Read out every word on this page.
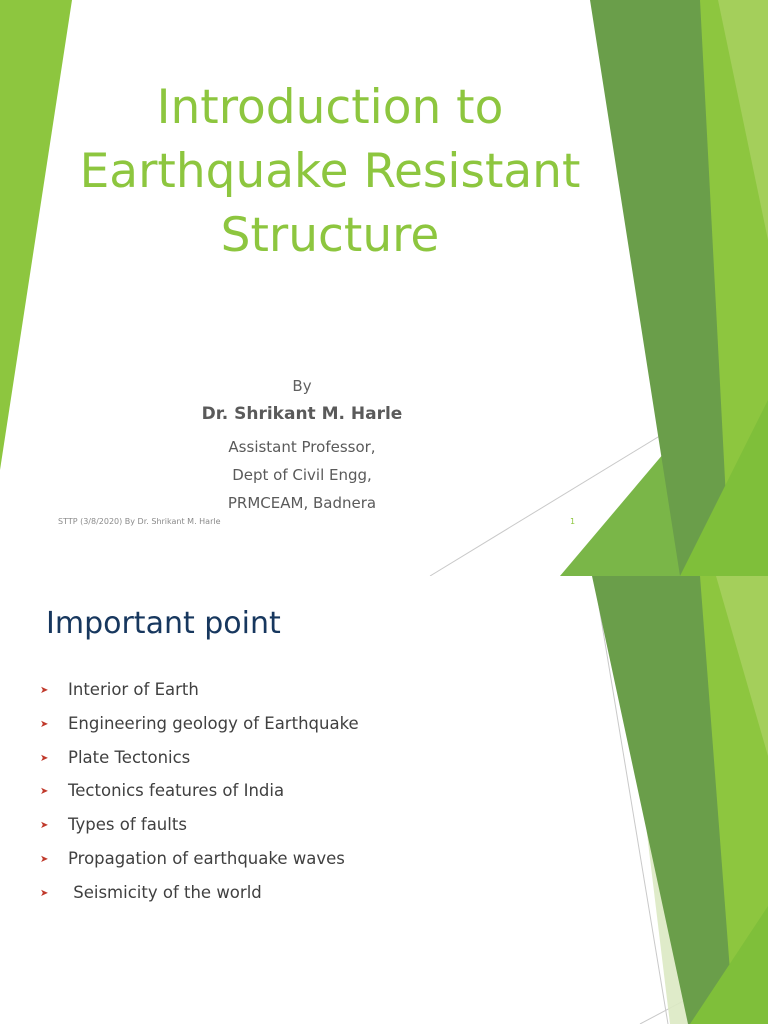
Introduction to
Earthquake Resistant
Structure
By
Dr. Shrikant M. Harle
Assistant Professor,
Dept of Civil Engg,
PRMCEAM, Badnera
STTP (3/8/2020) By Dr. Shrikant M. Harle	1
Important point
➤	Interior of Earth
➤	Engineering geology of Earthquake
➤	Plate Tectonics
➤	Tectonics features of India
➤	Types of faults
➤	Propagation of earthquake waves
➤	Seismicity of the world
